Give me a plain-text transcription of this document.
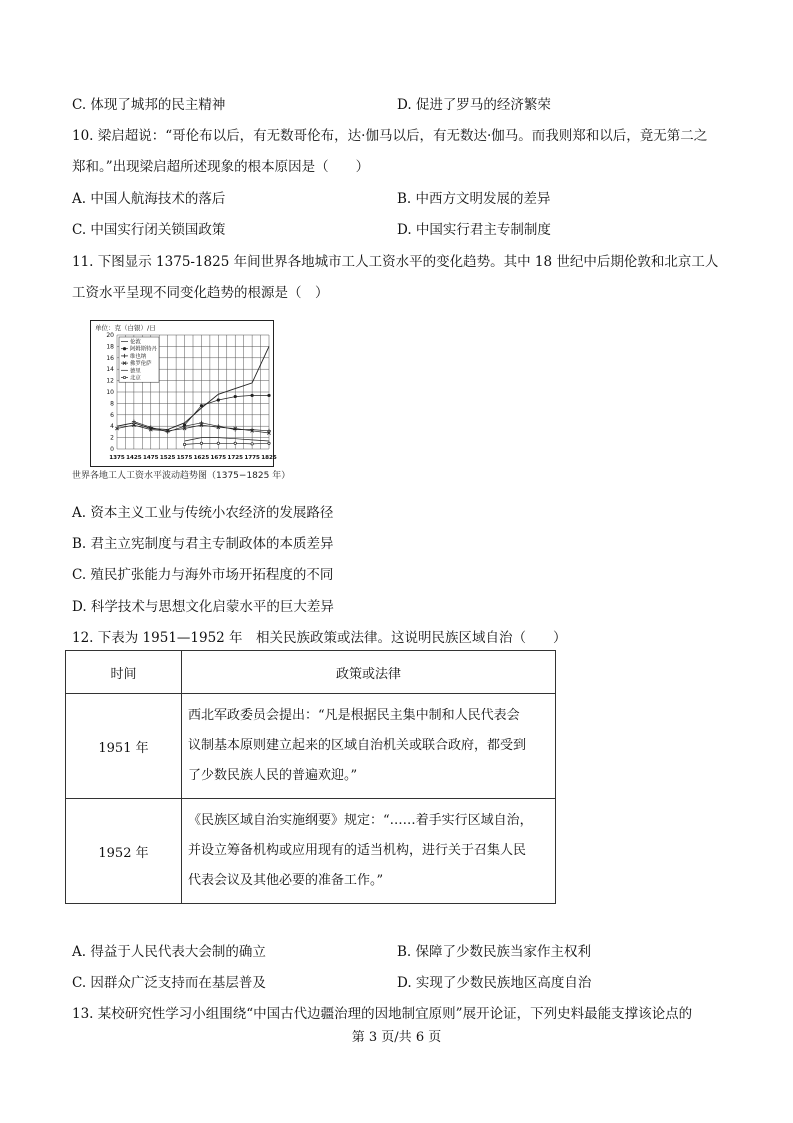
C. 体现了城邦的民主精神	D. 促进了罗马的经济繁荣
10. 梁启超说：“哥伦布以后，有无数哥伦布，达·伽马以后，有无数达·伽马。而我则郑和以后，竟无第二之
郑和。”出现梁启超所述现象的根本原因是（　　）
A. 中国人航海技术的落后	B. 中西方文明发展的差异
C. 中国实行闭关锁国政策	D. 中国实行君主专制制度
11. 下图显示 1375-1825 年间世界各地城市工人工资水平的变化趋势。其中 18 世纪中后期伦敦和北京工人
工资水平呈现不同变化趋势的根源是（　）
单位：克（白银）/日
伦敦
阿姆斯特丹
维也纳
佛罗伦萨
德里
北京
0
2
4
6
8
10
12
14
16
18
20
1375 1425 1475 1525 1575 1625 1675 1725 1775 1825
世界各地工人工资水平波动趋势图（1375−1825 年）
A. 资本主义工业与传统小农经济的发展路径
B. 君主立宪制度与君主专制政体的本质差异
C. 殖民扩张能力与海外市场开拓程度的不同
D. 科学技术与思想文化启蒙水平的巨大差异
12. 下表为 1951—1952 年　相关民族政策或法律。这说明民族区域自治（　　）
时间	政策或法律
1951 年	西北军政委员会提出：“凡是根据民主集中制和人民代表会
议制基本原则建立起来的区域自治机关或联合政府，都受到
了少数民族人民的普遍欢迎。”

1952 年	《民族区域自治实施纲要》规定：“……着手实行区域自治，
并设立筹备机构或应用现有的适当机构，进行关于召集人民
代表会议及其他必要的准备工作。”
A. 得益于人民代表大会制的确立	B. 保障了少数民族当家作主权利
C. 因群众广泛支持而在基层普及	D. 实现了少数民族地区高度自治
13. 某校研究性学习小组围绕“中国古代边疆治理的因地制宜原则”展开论证，下列史料最能支撑该论点的
第 3 页/共 6 页
